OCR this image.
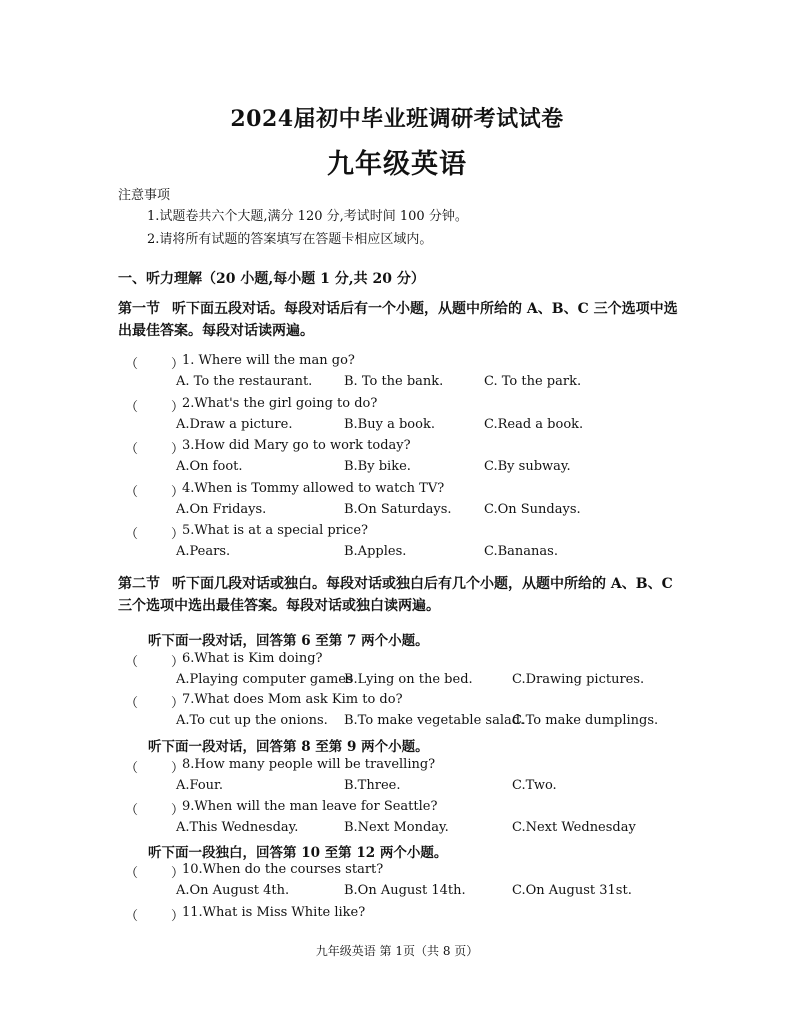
2024届初中毕业班调研考试试卷
九年级英语
注意事项
1.试题卷共六个大题,满分 120 分,考试时间 100 分钟。
2.请将所有试题的答案填写在答题卡相应区域内。
一、听力理解（20 小题,每小题 1 分,共 20 分）
第一节 听下面五段对话。每段对话后有一个小题，从题中所给的 A、B、C 三个选项中选出最佳答案。每段对话读两遍。
第二节 听下面几段对话或独白。每段对话或独白后有几个小题，从题中所给的 A、B、C 三个选项中选出最佳答案。每段对话或独白读两遍。
听下面一段对话，回答第 6 至第 7 两个小题。
听下面一段对话，回答第 8 至第 9 两个小题。
听下面一段独白，回答第 10 至第 12 两个小题。
（	）
1. Where will the man go?
A. To the restaurant. B. To the bank.	C. To the park.
（	）
2.What's the girl going to do?
A.Draw a picture.	B.Buy a book.	C.Read a book.
（	）
3.How did Mary go to work today?
A.On foot.	B.By bike.	C.By subway.
（	）
4.When is Tommy allowed to watch TV?
A.On Fridays.	B.On Saturdays. C.On Sundays.
（	）
5.What is at a special price?
A.Pears.	B.Apples.	C.Bananas.
（	）
6.What is Kim doing?
A.Playing computer games
B.Lying on the bed.	C.Drawing pictures.
（	）
7.What does Mom ask Kim to do?
A.To cut up the onions. B.To make vegetable salad.
C.To make dumplings.
（	）
8.How many people will be travelling?
A.Four.	B.Three.	C.Two.
（	）
9.When will the man leave for Seattle?
A.This Wednesday.	B.Next Monday.	C.Next Wednesday
（	）
10.When do the courses start?
A.On August 4th.	B.On August 14th.	C.On August 31st.
（	）
11.What is Miss White like?
九年级英语 第 1页（共 8 页）
